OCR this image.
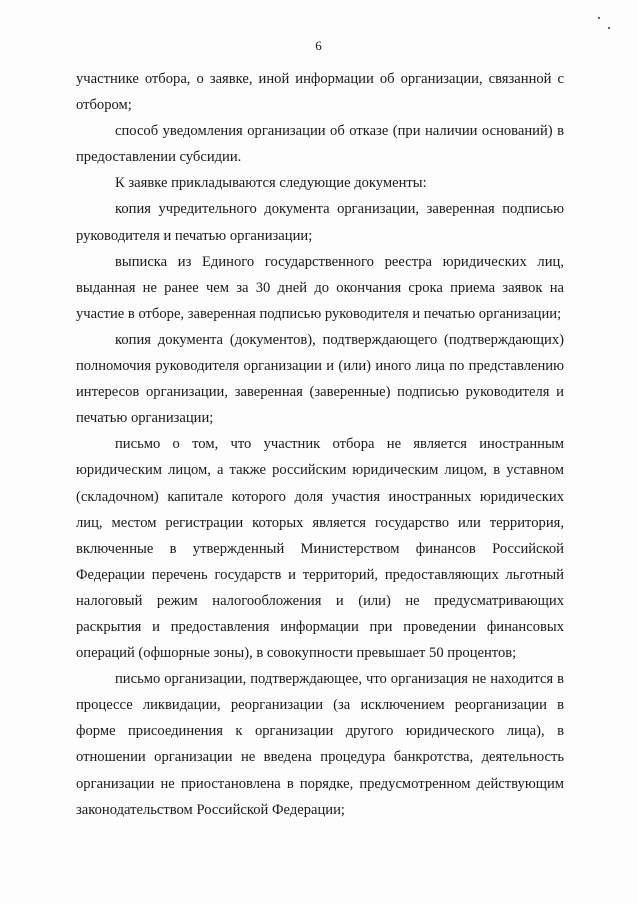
6

участнике отбора, о заявке, иной информации об организации, связанной с отбором;

способ уведомления организации об отказе (при наличии оснований) в предоставлении субсидии.

К заявке прикладываются следующие документы:

копия учредительного документа организации, заверенная подписью руководителя и печатью организации;

выписка из Единого государственного реестра юридических лиц, выданная не ранее чем за 30 дней до окончания срока приема заявок на участие в отборе, заверенная подписью руководителя и печатью организации;

копия документа (документов), подтверждающего (подтверждающих) полномочия руководителя организации и (или) иного лица по представлению интересов организации, заверенная (заверенные) подписью руководителя и печатью организации;

письмо о том, что участник отбора не является иностранным юридическим лицом, а также российским юридическим лицом, в уставном (складочном) капитале которого доля участия иностранных юридических лиц, местом регистрации которых является государство или территория, включенные в утвержденный Министерством финансов Российской Федерации перечень государств и территорий, предоставляющих льготный налоговый режим налогообложения и (или) не предусматривающих раскрытия и предоставления информации при проведении финансовых операций (офшорные зоны), в совокупности превышает 50 процентов;

письмо организации, подтверждающее, что организация не находится в процессе ликвидации, реорганизации (за исключением реорганизации в форме присоединения к организации другого юридического лица), в отношении организации не введена процедура банкротства, деятельность организации не приостановлена в порядке, предусмотренном действующим законодательством Российской Федерации;
